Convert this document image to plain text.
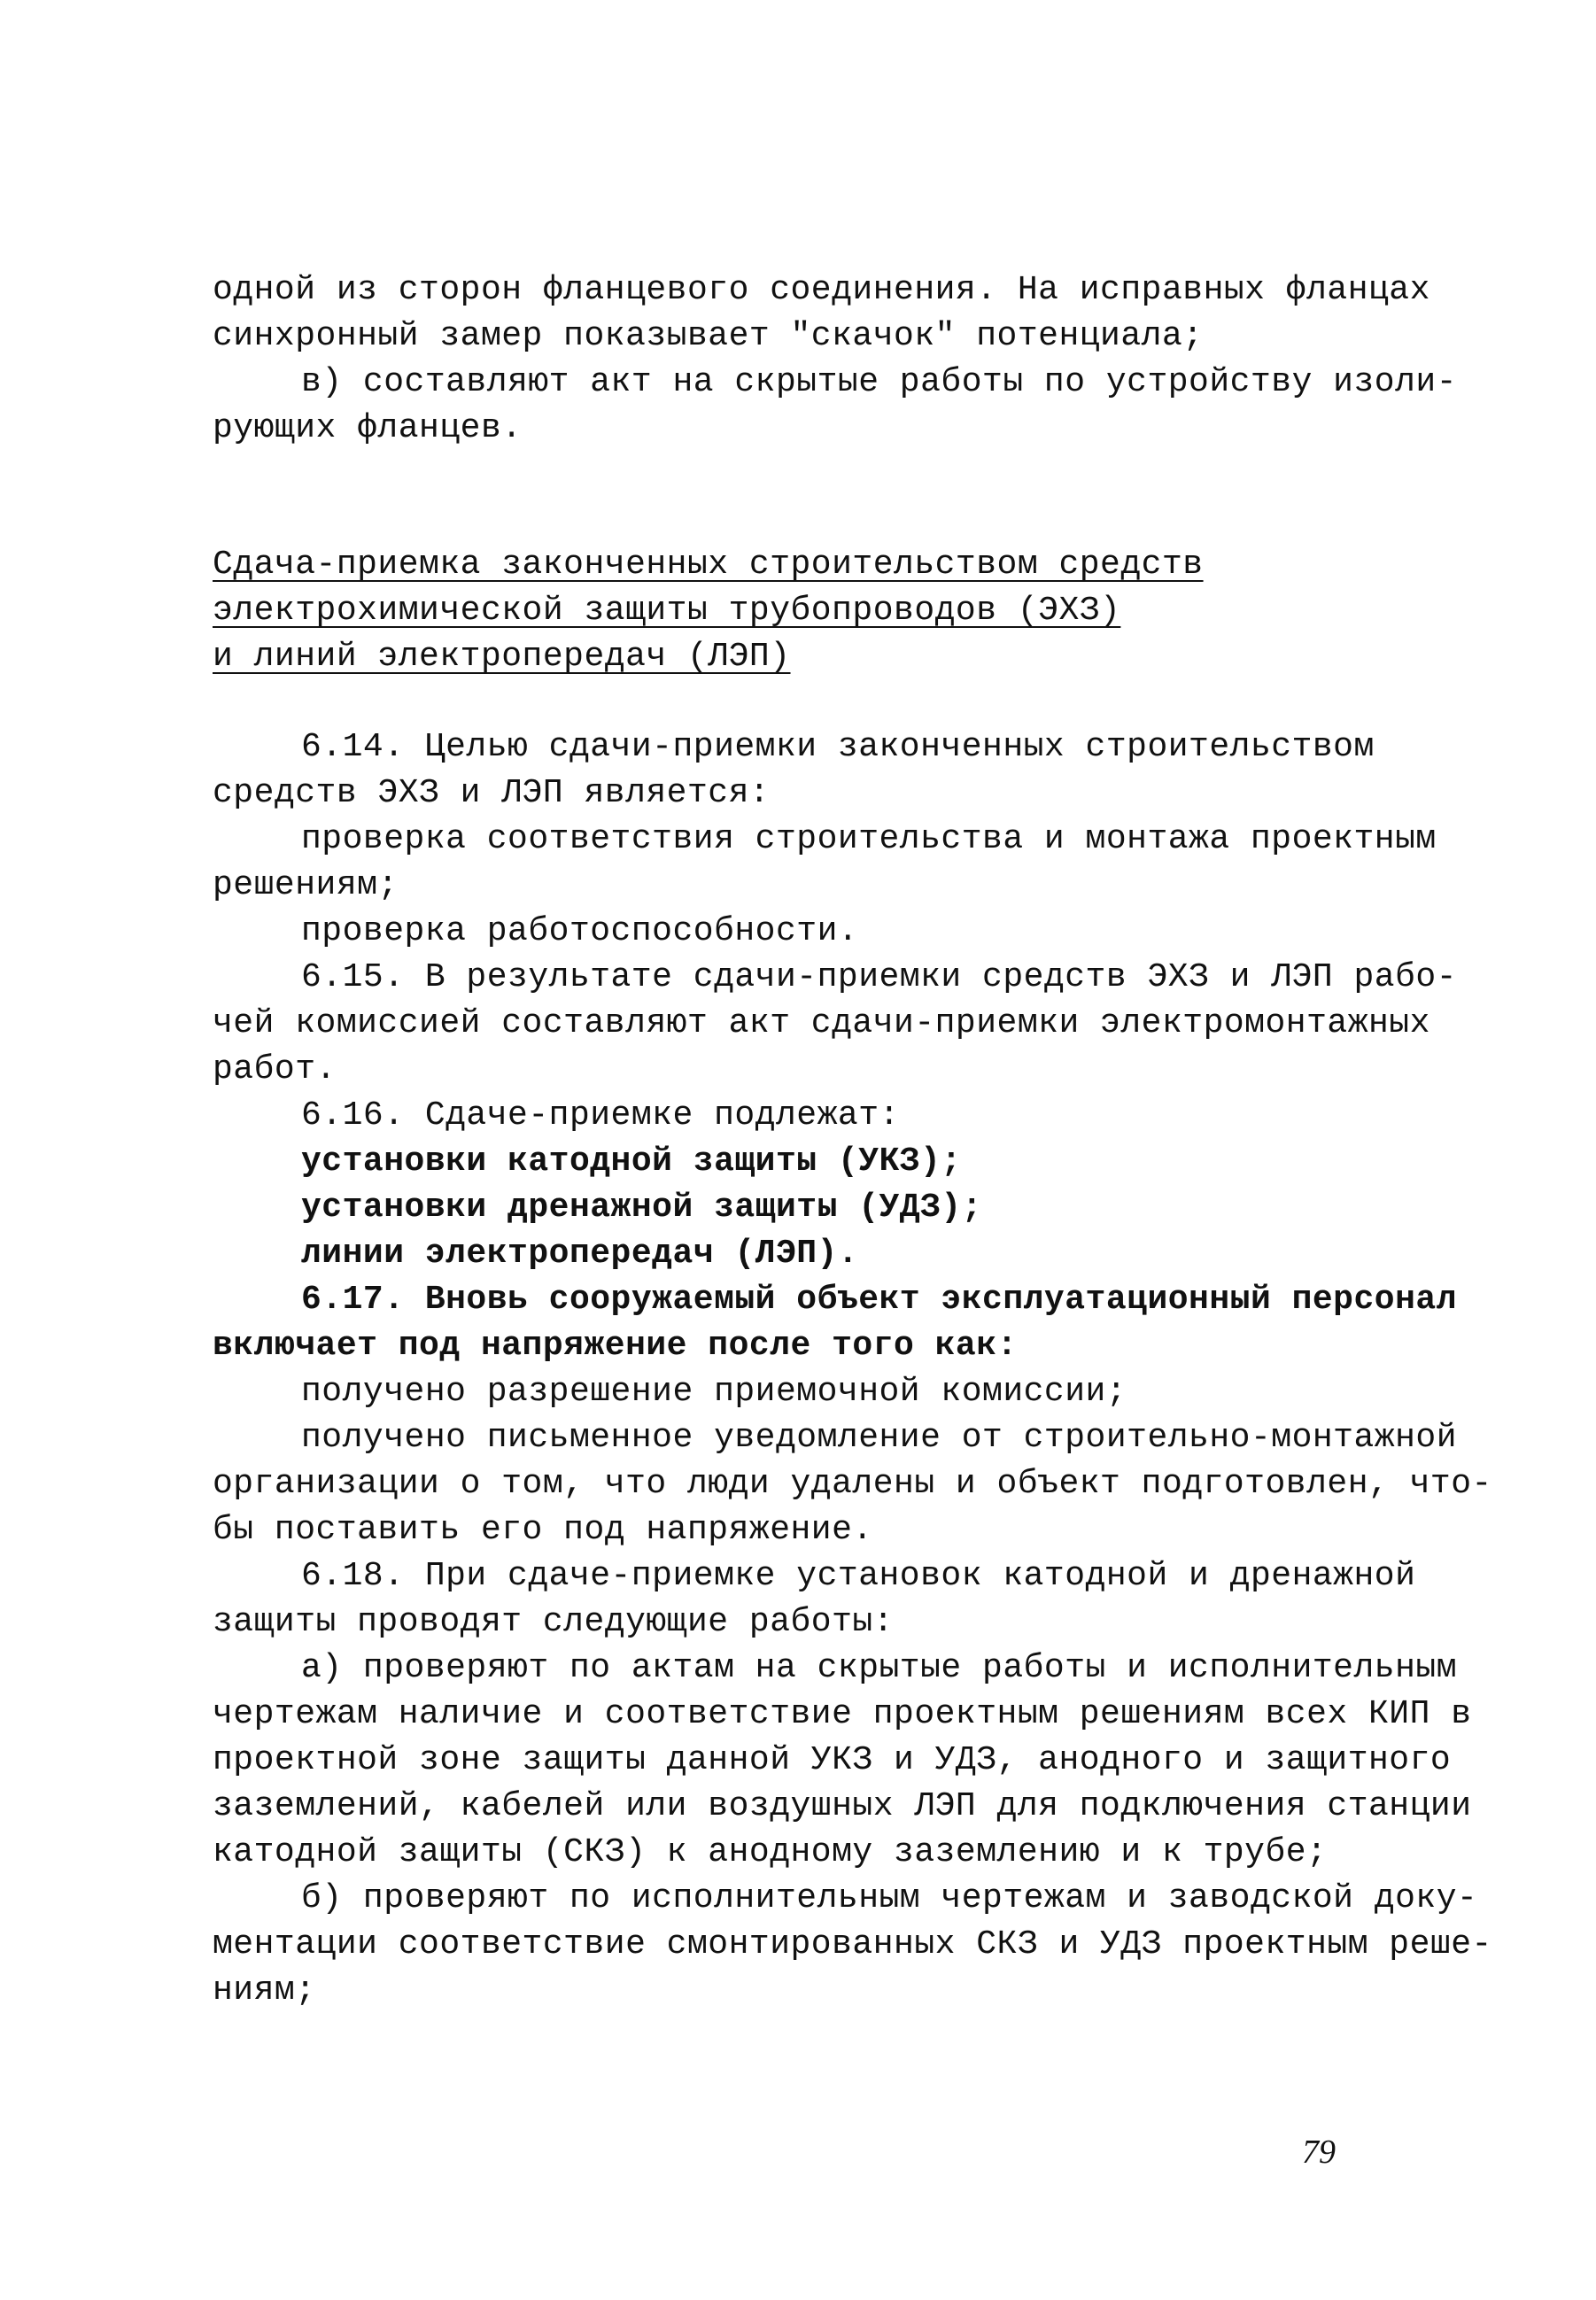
одной из сторон фланцевого соединения. На исправных фланцах
синхронный замер показывает "скачок" потенциала;
в) составляют акт на скрытые работы по устройству изоли-
рующих фланцев.
Сдача-приемка законченных строительством средств
электрохимической защиты трубопроводов (ЭХЗ)
и линий электропередач (ЛЭП)
6.14. Целью сдачи-приемки законченных строительством
средств ЭХЗ и ЛЭП является:
проверка соответствия строительства и монтажа проектным
решениям;
проверка работоспособности.
6.15. В результате сдачи-приемки средств ЭХЗ и ЛЭП рабо-
чей комиссией составляют акт сдачи-приемки электромонтажных
работ.
6.16. Сдаче-приемке подлежат:
установки катодной защиты (УКЗ);
установки дренажной защиты (УДЗ);
линии электропередач (ЛЭП).
6.17. Вновь сооружаемый объект эксплуатационный персонал
включает под напряжение после того как:
получено разрешение приемочной комиссии;
получено письменное уведомление от строительно-монтажной
организации о том, что люди удалены и объект подготовлен, что-
бы поставить его под напряжение.
6.18. При сдаче-приемке установок катодной и дренажной
защиты проводят следующие работы:
а) проверяют по актам на скрытые работы и исполнительным
чертежам наличие и соответствие проектным решениям всех КИП в
проектной зоне защиты данной УКЗ и УДЗ, анодного и защитного
заземлений, кабелей или воздушных ЛЭП для подключения станции
катодной защиты (СКЗ) к анодному заземлению и к трубе;
б) проверяют по исполнительным чертежам и заводской доку-
ментации соответствие смонтированных СКЗ и УДЗ проектным реше-
ниям;
79
